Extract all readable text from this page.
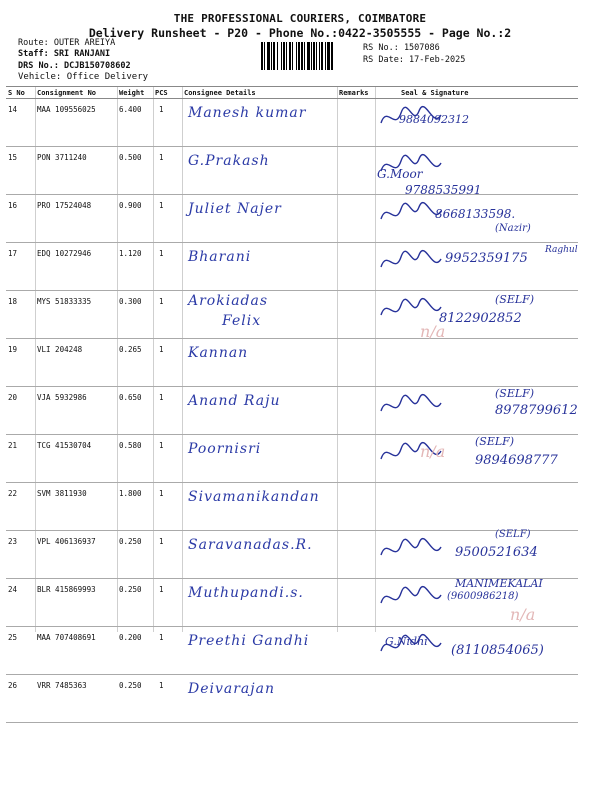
THE PROFESSIONAL COURIERS, COIMBATORE
Delivery Runsheet - P20 - Phone No.:0422-3505555 - Page No.:2
Route: OUTER AREIYA
Staff: SRI RANJANI
DRS No.: DCJB150708602
Vehicle: Office Delivery
RS No.: 1507086
RS Date: 17-Feb-2025
S No	Consignment No	Weight	PCS	Consignee Details	Remarks	Seal & Signature
14	MAA 109556025	6.400	1	Manesh kumar		9884092312

15	PON 3711240	0.500	1	G.Prakash		G.Moor
9788535991

16	PRO 17524048	0.900	1	Juliet Najer		8668133598.
(Nazir)

17	EDQ 10272946	1.120	1	Bharani		9952359175
Raghul

18	MYS 51833335	0.300	1	Arokiadas
Felix		(SELF)
8122902852

19	VLI 204248	0.265	1	Kannan		

20	VJA 5932986	0.650	1	Anand Raju		(SELF)
8978799612

21	TCG 41530704	0.580	1	Poornisri		(SELF)
9894698777

22	SVM 3811930	1.800	1	Sivamanikandan		

23	VPL 406136937	0.250	1	Saravanadas.R.		(SELF)
9500521634

24	BLR 415869993	0.250	1	Muthupandi.s.		MANIMEKALAI
(9600986218)

25	MAA 707408691	0.200	1	Preethi Gandhi		G.Nidhi
(8110854065)

26	VRR 7485363	0.250	1	Deivarajan		

n/a
n/a
n/a
